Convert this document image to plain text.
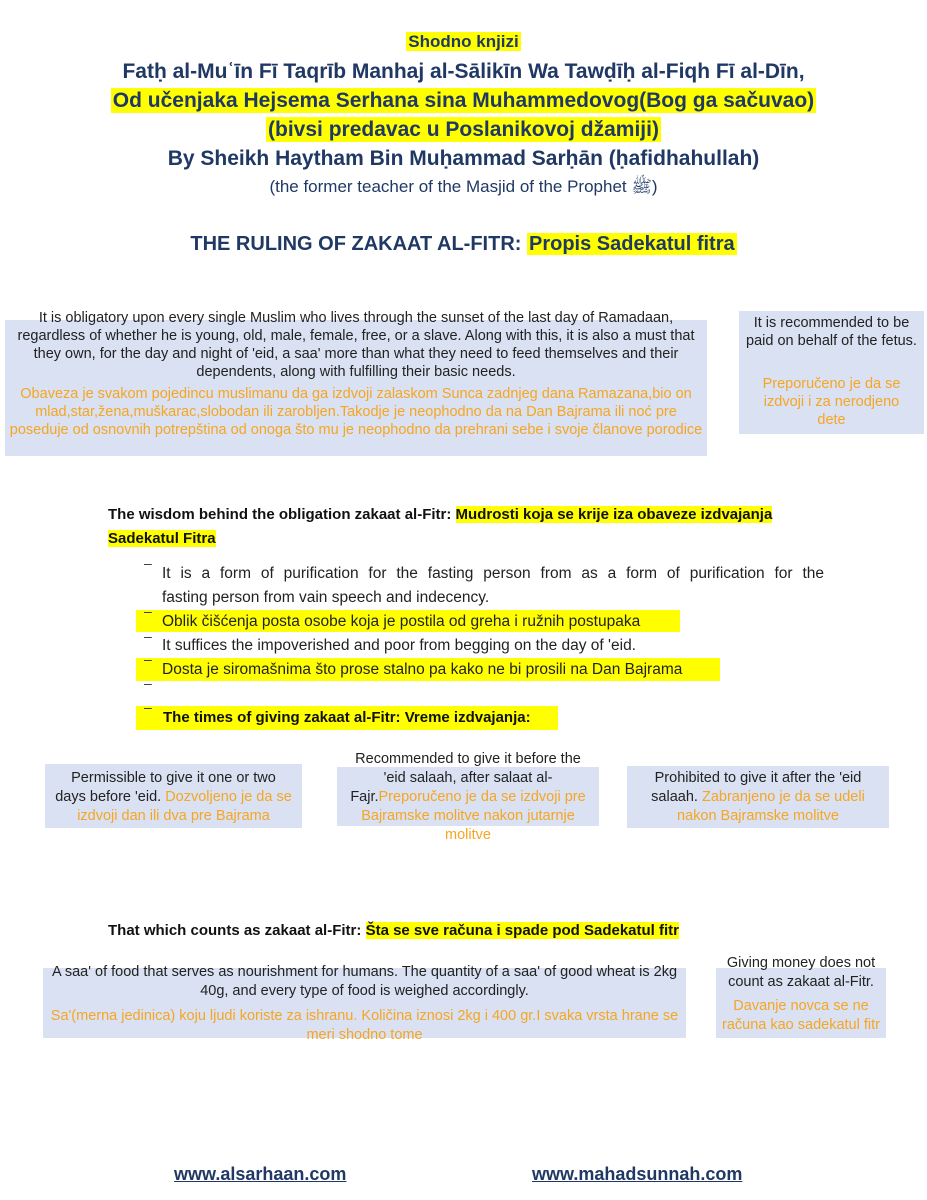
Shodno knjizi
Fatḥ al-Muʿīn Fī Taqrīb Manhaj al-Sālikīn Wa Tawḍīḥ al-Fiqh Fī al-Dīn,
Od učenjaka Hejsema Serhana sina Muhammedovog(Bog ga sačuvao)
(bivsi predavac u Poslanikovoj džamiji)
By Sheikh Haytham Bin Muḥammad Sarḥān (ḥafidhahullah)
(the former teacher of the Masjid of the Prophet ﷺ)
THE RULING OF ZAKAAT AL-FITR: Propis Sadekatul fitra
It is obligatory upon every single Muslim who lives through the sunset of the last day of Ramadaan, regardless of whether he is young, old, male, female, free, or a slave. Along with this, it is also a must that they own, for the day and night of 'eid, a saa' more than what they need to feed themselves and their dependents, along with fulfilling their basic needs.
Obaveza je svakom pojedincu muslimanu da ga izdvoji zalaskom Sunca zadnjeg dana Ramazana,bio on mlad,star,žena,muškarac,slobodan ili zarobljen.Takodje je neophodno da na Dan Bajrama ili noć pre poseduje od osnovnih potrepština od onoga što mu je neophodno da prehrani sebe i svoje članove porodice
It is recommended to be paid on behalf of the fetus.
Preporučeno je da se izdvoji i za nerodjeno dete
The wisdom behind the obligation zakaat al-Fitr: Mudrosti koja se krije iza obaveze izdvajanja
Sadekatul Fitra
–
It is a form of purification for the fasting person from as a form of purification for the
fasting person from vain speech and indecency.
–
Oblik čišćenja posta osobe koja je postila od greha i ružnih postupaka
–
It suffices the impoverished and poor from begging on the day of 'eid.
–
Dosta je siromašnima što prose stalno pa kako ne bi prosili na Dan Bajrama
–
–
The times of giving zakaat al-Fitr: Vreme izdvajanja:
Permissible to give it one or two
days before 'eid. Dozvoljeno je da se
izdvoji dan ili dva pre Bajrama
Recommended to give it before the
'eid salaah, after salaat al-
Fajr.Preporučeno je da se izdvoji pre
Bajramske molitve nakon jutarnje
molitve
Prohibited to give it after the 'eid
salaah. Zabranjeno je da se udeli
nakon Bajramske molitve
That which counts as zakaat al-Fitr: Šta se sve računa i spade pod Sadekatul fitr
A saa' of food that serves as nourishment for humans. The quantity of a saa' of good wheat is 2kg 40g, and every type of food is weighed accordingly.
Sa'(merna jedinica) koju ljudi koriste za ishranu. Količina iznosi 2kg i 400 gr.I svaka vrsta hrane se meri shodno tome
Giving money does not count as zakaat al-Fitr.
Davanje novca se ne računa kao sadekatul fitr
www.alsarhaan.com	www.mahadsunnah.com
